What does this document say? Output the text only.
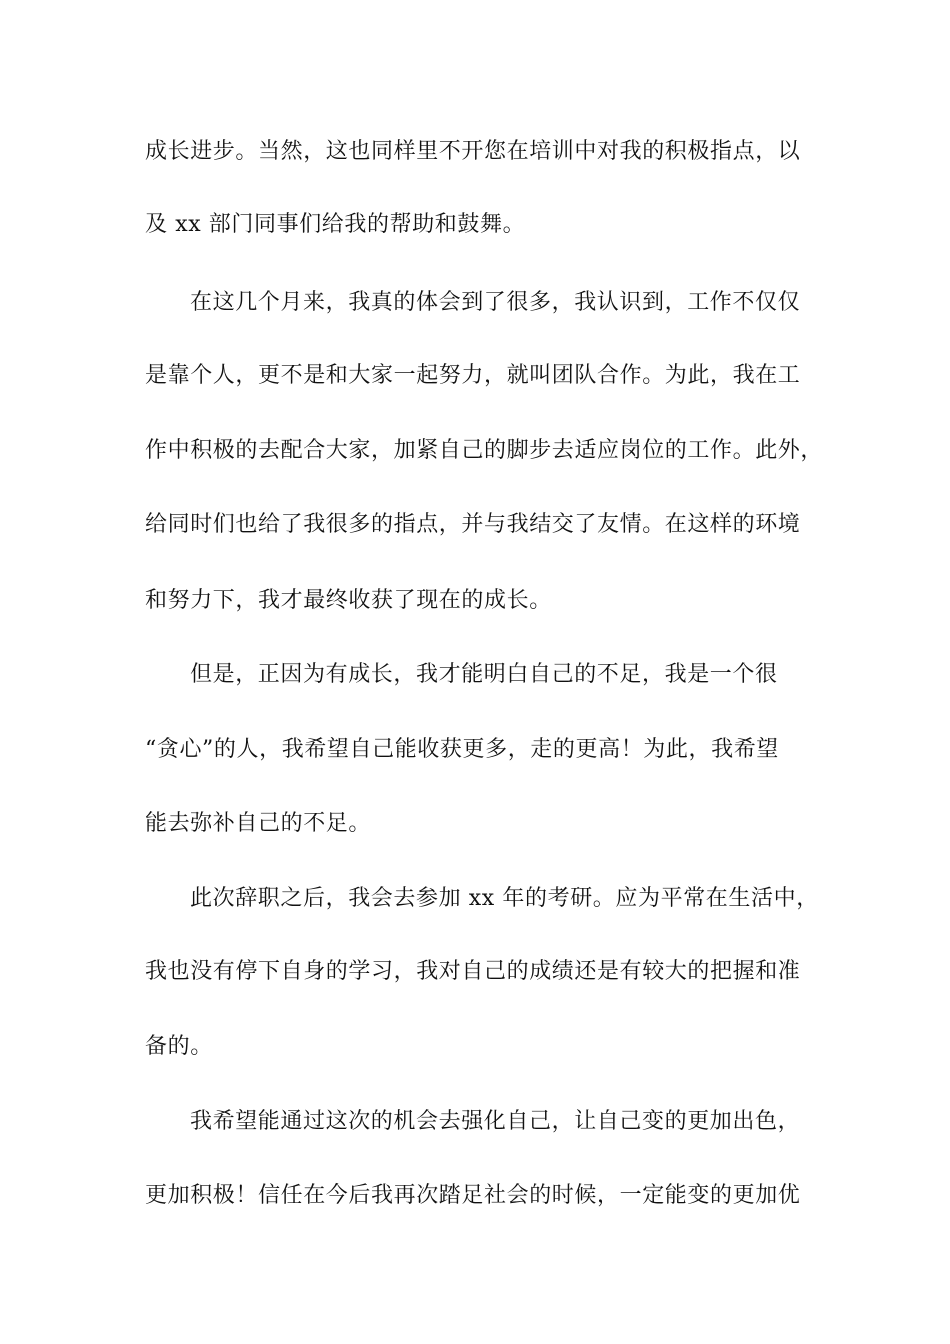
成长进步。当然，这也同样里不开您在培训中对我的积极指点，以
及 xx 部门同事们给我的帮助和鼓舞。
在这几个月来，我真的体会到了很多，我认识到，工作不仅仅
是靠个人，更不是和大家一起努力，就叫团队合作。为此，我在工
作中积极的去配合大家，加紧自己的脚步去适应岗位的工作。此外，
给同时们也给了我很多的指点，并与我结交了友情。在这样的环境
和努力下，我才最终收获了现在的成长。
但是，正因为有成长，我才能明白自己的不足，我是一个很
“贪心”的人，我希望自己能收获更多，走的更高！为此，我希望
能去弥补自己的不足。
此次辞职之后，我会去参加 xx 年的考研。应为平常在生活中，
我也没有停下自身的学习，我对自己的成绩还是有较大的把握和准
备的。
我希望能通过这次的机会去强化自己，让自己变的更加出色，
更加积极！信任在今后我再次踏足社会的时候，一定能变的更加优
